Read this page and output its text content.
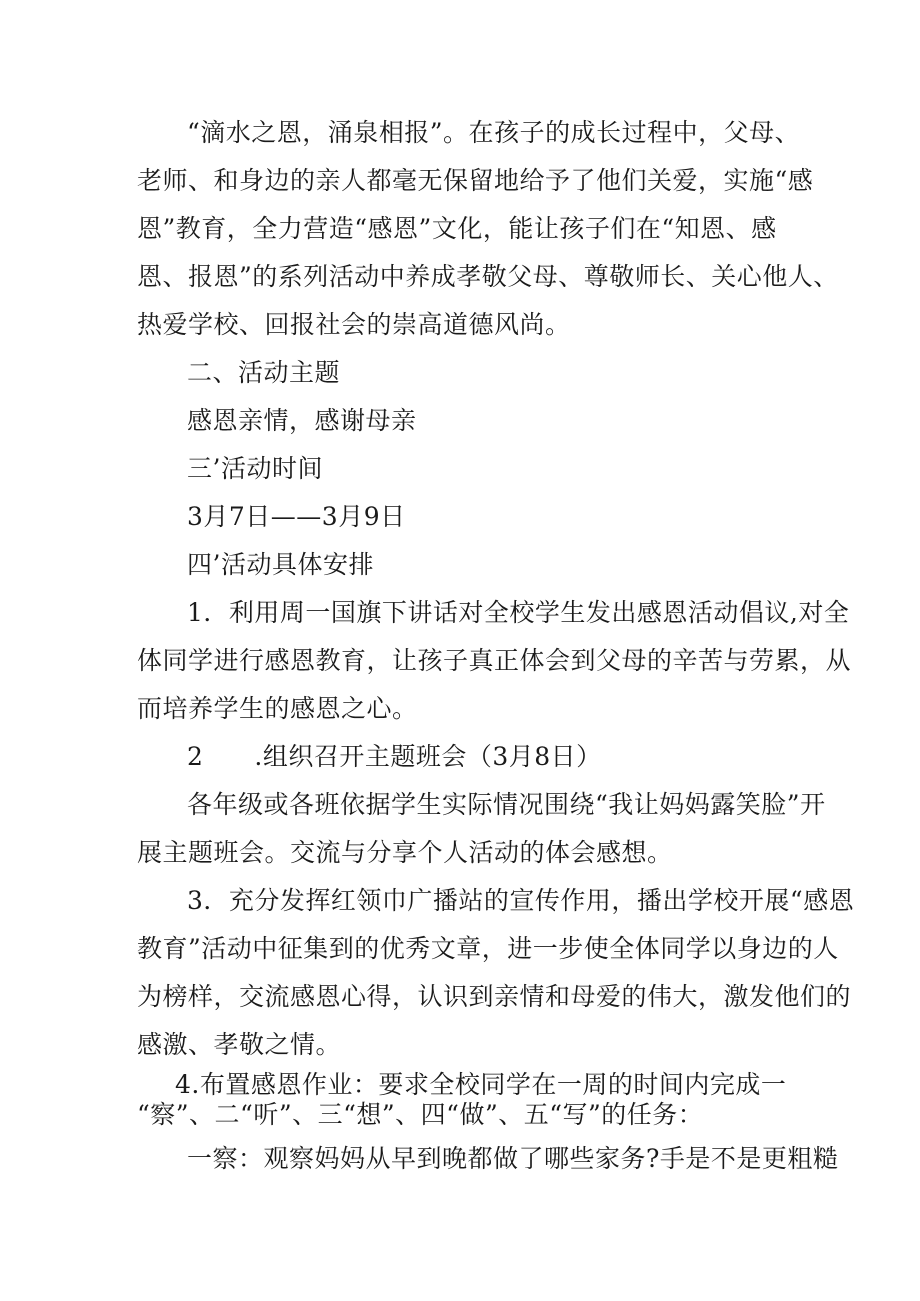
“滴水之恩，涌泉相报”。在孩子的成长过程中，父母、
老师、和身边的亲人都毫无保留地给予了他们关爱，实施“感
恩”教育，全力营造“感恩”文化，能让孩子们在“知恩、感
恩、报恩”的系列活动中养成孝敬父母、尊敬师长、关心他人、
热爱学校、回报社会的崇高道德风尚。
二、活动主题
感恩亲情，感谢母亲
三’活动时间
3月7日——3月9日
四’活动具体安排
1．利用周一国旗下讲话对全校学生发出感恩活动倡议,对全
体同学进行感恩教育，让孩子真正体会到父母的辛苦与劳累，从
而培养学生的感恩之心。
2　　.组织召开主题班会（3月8日）
各年级或各班依据学生实际情况围绕“我让妈妈露笑脸”开
展主题班会。交流与分享个人活动的体会感想。
3．充分发挥红领巾广播站的宣传作用，播出学校开展“感恩
教育”活动中征集到的优秀文章，进一步使全体同学以身边的人
为榜样，交流感恩心得，认识到亲情和母爱的伟大，激发他们的
感激、孝敬之情。
4.布置感恩作业：要求全校同学在一周的时间内完成一
“察”、二“听”、三“想”、四“做”、五“写”的任务：
一察：观察妈妈从早到晚都做了哪些家务?手是不是更粗糙
